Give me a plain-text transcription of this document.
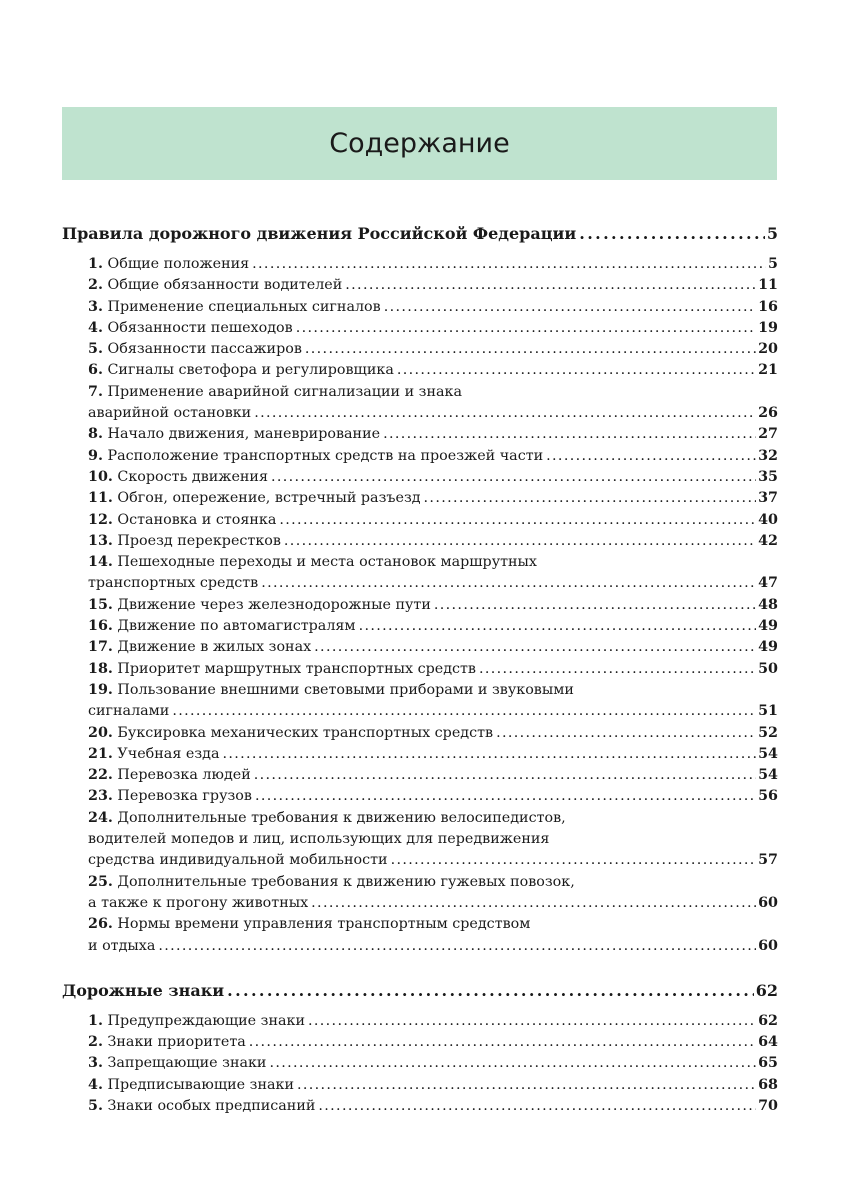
Содержание
Правила дорожного движения Российской Федерации . . .	5
1. Общие положения . . .	5
2. Общие обязанности водителей . . .	11
3. Применение специальных сигналов . . .	16
4. Обязанности пешеходов . . .	19
5. Обязанности пассажиров . . .	20
6. Сигналы светофора и регулировщика . . .	21
7. Применение аварийной сигнализации и знака
аварийной остановки . . .	26
8. Начало движения, маневрирование . . .	27
9. Расположение транспортных средств на проезжей части . . .	32
10. Скорость движения . . .	35
11. Обгон, опережение, встречный разъезд . . .	37
12. Остановка и стоянка . . .	40
13. Проезд перекрестков . . .	42
14. Пешеходные переходы и места остановок маршрутных
транспортных средств . . .	47
15. Движение через железнодорожные пути . . .	48
16. Движение по автомагистралям . . .	49
17. Движение в жилых зонах . . .	49
18. Приоритет маршрутных транспортных средств . . .	50
19. Пользование внешними световыми приборами и звуковыми
сигналами . . .	51
20. Буксировка механических транспортных средств . . .	52
21. Учебная езда . . .	54
22. Перевозка людей . . .	54
23. Перевозка грузов . . .	56
24. Дополнительные требования к движению велосипедистов,
водителей мопедов и лиц, использующих для передвижения
средства индивидуальной мобильности . . .	57
25. Дополнительные требования к движению гужевых повозок,
а также к прогону животных . . .	60
26. Нормы времени управления транспортным средством
и отдыха . . .	60
Дорожные знаки . . .	62
1. Предупреждающие знаки . . .	62
2. Знаки приоритета . . .	64
3. Запрещающие знаки . . .	65
4. Предписывающие знаки . . .	68
5. Знаки особых предписаний . . .	70
